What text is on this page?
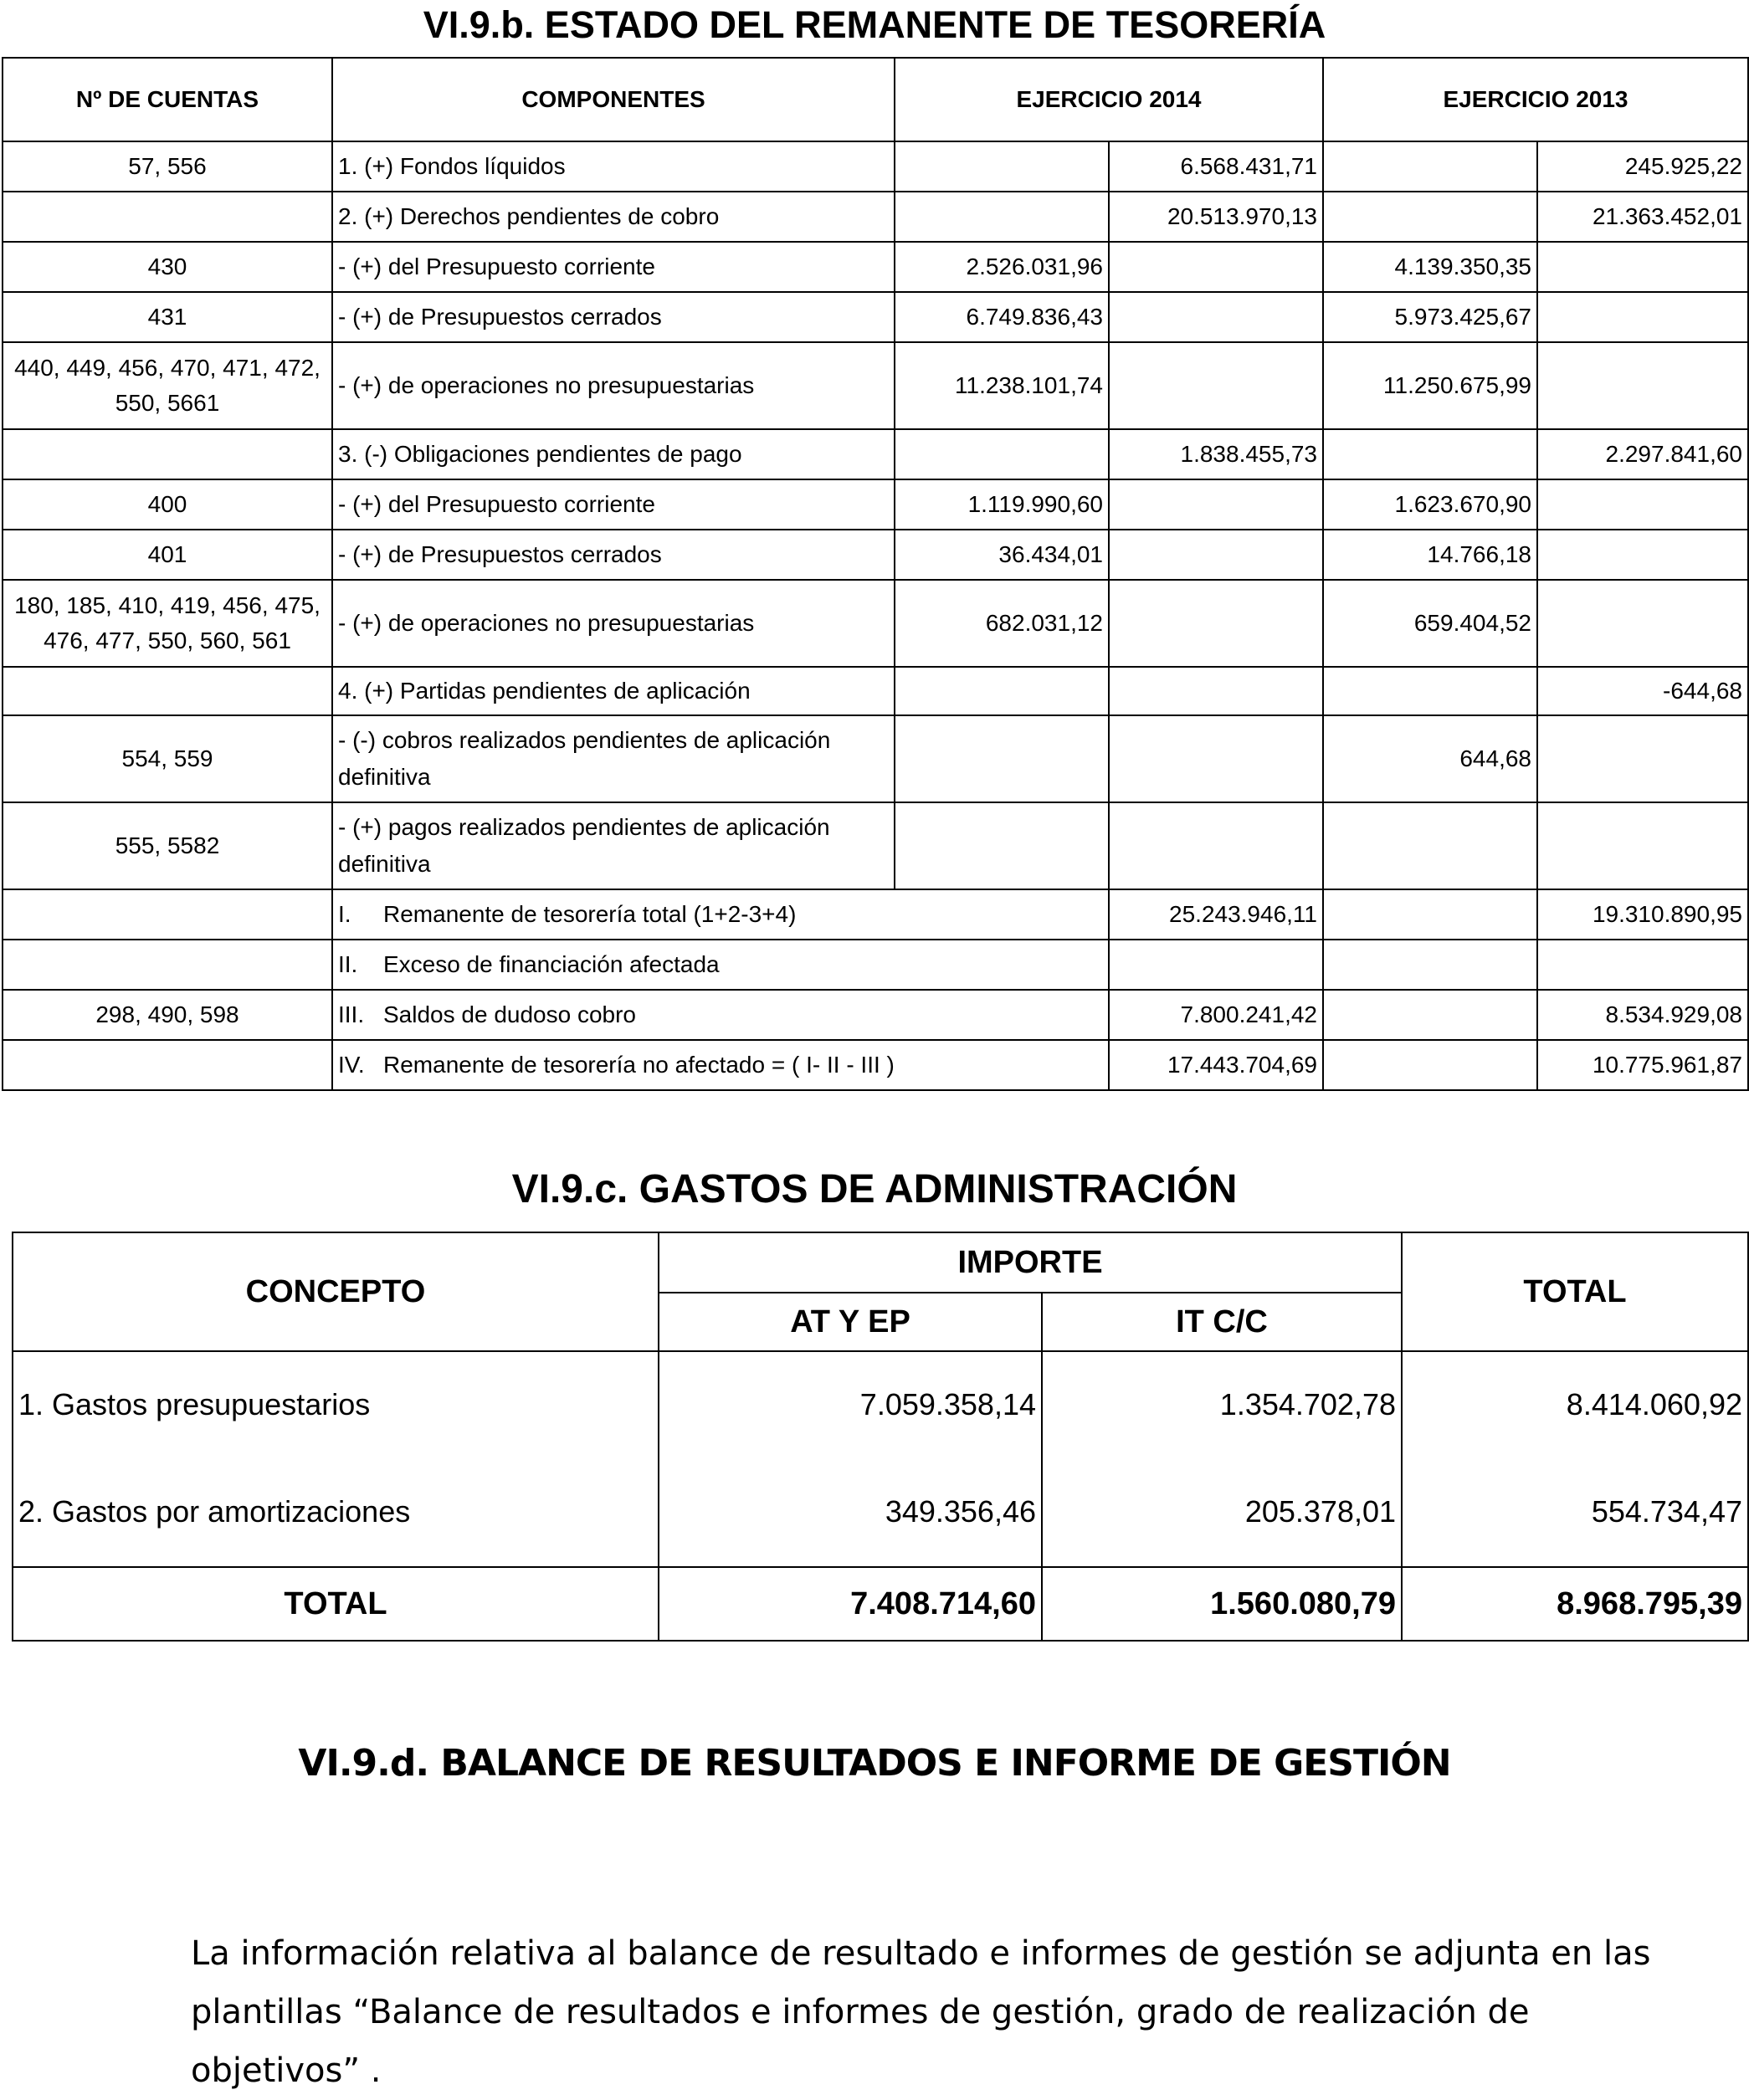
VI.9.b. ESTADO DEL REMANENTE DE TESORERÍA
Nº DE CUENTAS	COMPONENTES	EJERCICIO 2014		EJERCICIO 2013	
57, 556	1. (+) Fondos líquidos		6.568.431,71		245.925,22
	2. (+) Derechos pendientes de cobro		20.513.970,13		21.363.452,01
430	- (+) del Presupuesto corriente	2.526.031,96		4.139.350,35	
431	- (+) de Presupuestos cerrados	6.749.836,43		5.973.425,67	
440, 449, 456, 470, 471, 472, 550, 5661	- (+) de operaciones no presupuestarias	11.238.101,74		11.250.675,99	
	3. (-) Obligaciones pendientes de pago		1.838.455,73		2.297.841,60
400	- (+) del Presupuesto corriente	1.119.990,60		1.623.670,90	
401	- (+) de Presupuestos cerrados	36.434,01		14.766,18	
180, 185, 410, 419, 456, 475, 476, 477, 550, 560, 561	- (+) de operaciones no presupuestarias	682.031,12		659.404,52	
	4. (+) Partidas pendientes de aplicación				-644,68
554, 559	- (-) cobros realizados pendientes de aplicación definitiva			644,68	
555, 5582	- (+) pagos realizados pendientes de aplicación definitiva				
	I. Remanente de tesorería total (1+2-3+4)		25.243.946,11		19.310.890,95
	II. Exceso de financiación afectada				
298, 490, 598	III. Saldos de dudoso cobro		7.800.241,42		8.534.929,08
	IV. Remanente de tesorería no afectado = ( I- II - III )		17.443.704,69		10.775.961,87
VI.9.c. GASTOS DE ADMINISTRACIÓN
CONCEPTO	IMPORTE		TOTAL
	AT Y EP	IT C/C	
1. Gastos presupuestarios	7.059.358,14	1.354.702,78	8.414.060,92
2. Gastos por amortizaciones	349.356,46	205.378,01	554.734,47
TOTAL	7.408.714,60	1.560.080,79	8.968.795,39
VI.9.d. BALANCE DE RESULTADOS E INFORME DE GESTIÓN
La información relativa al balance de resultado e informes de gestión se adjunta en las
plantillas “Balance de resultados e informes de gestión, grado de realización de objetivos” .
